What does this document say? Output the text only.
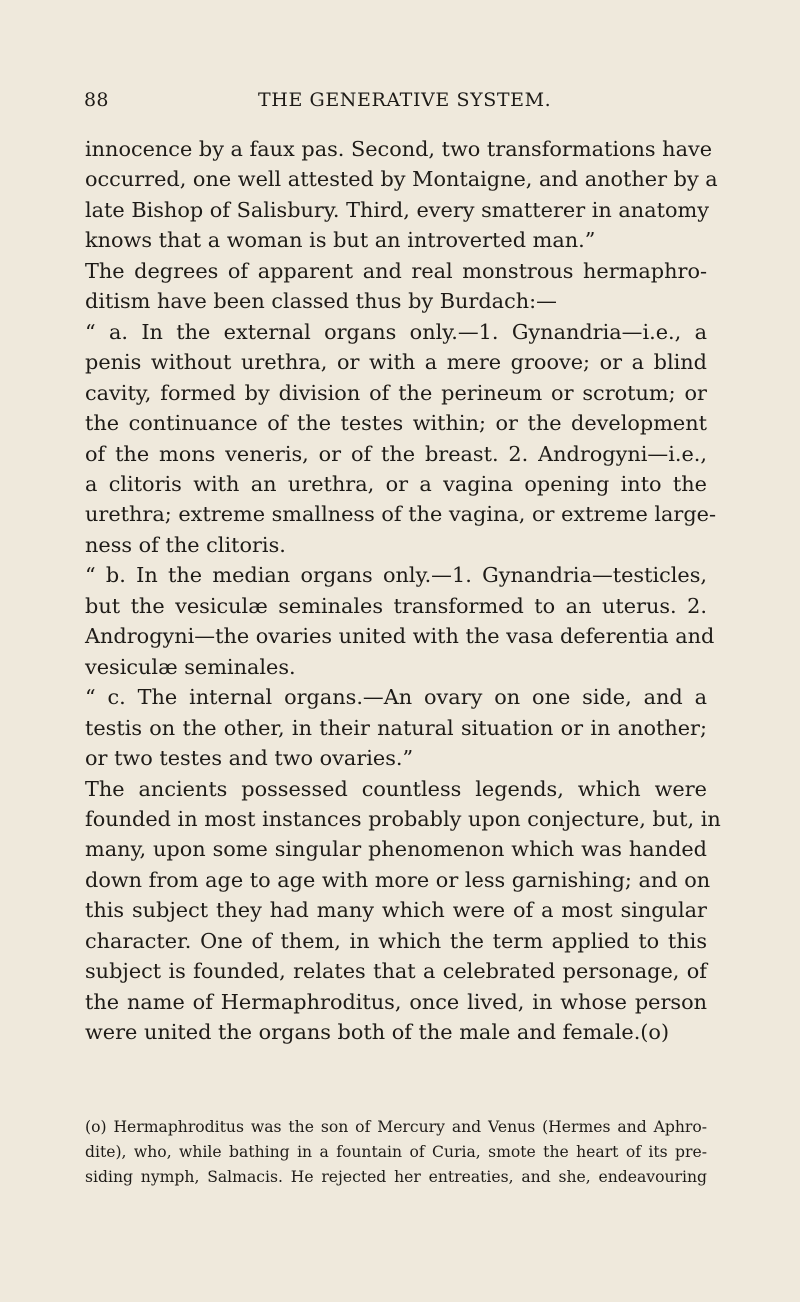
88	THE GENERATIVE SYSTEM.
innocence by a faux pas. Second, two transformations have
occurred, one well attested by Montaigne, and another by a
late Bishop of Salisbury. Third, every smatterer in anatomy
knows that a woman is but an introverted man.”
The degrees of apparent and real monstrous hermaphro-
ditism have been classed thus by Burdach:—
“ a. In the external organs only.—1. Gynandria—i.e., a
penis without urethra, or with a mere groove; or a blind
cavity, formed by division of the perineum or scrotum; or
the continuance of the testes within; or the development
of the mons veneris, or of the breast. 2. Androgyni—i.e.,
a clitoris with an urethra, or a vagina opening into the
urethra; extreme smallness of the vagina, or extreme large-
ness of the clitoris.
“ b. In the median organs only.—1. Gynandria—testicles,
but the vesiculæ seminales transformed to an uterus. 2.
Androgyni—the ovaries united with the vasa deferentia and
vesiculæ seminales.
“ c. The internal organs.—An ovary on one side, and a
testis on the other, in their natural situation or in another;
or two testes and two ovaries.”
The ancients possessed countless legends, which were
founded in most instances probably upon conjecture, but, in
many, upon some singular phenomenon which was handed
down from age to age with more or less garnishing; and on
this subject they had many which were of a most singular
character. One of them, in which the term applied to this
subject is founded, relates that a celebrated personage, of
the name of Hermaphroditus, once lived, in whose person
were united the organs both of the male and female.(o)
(o) Hermaphroditus was the son of Mercury and Venus (Hermes and Aphro-
dite), who, while bathing in a fountain of Curia, smote the heart of its pre-
siding nymph, Salmacis. He rejected her entreaties, and she, endeavouring
